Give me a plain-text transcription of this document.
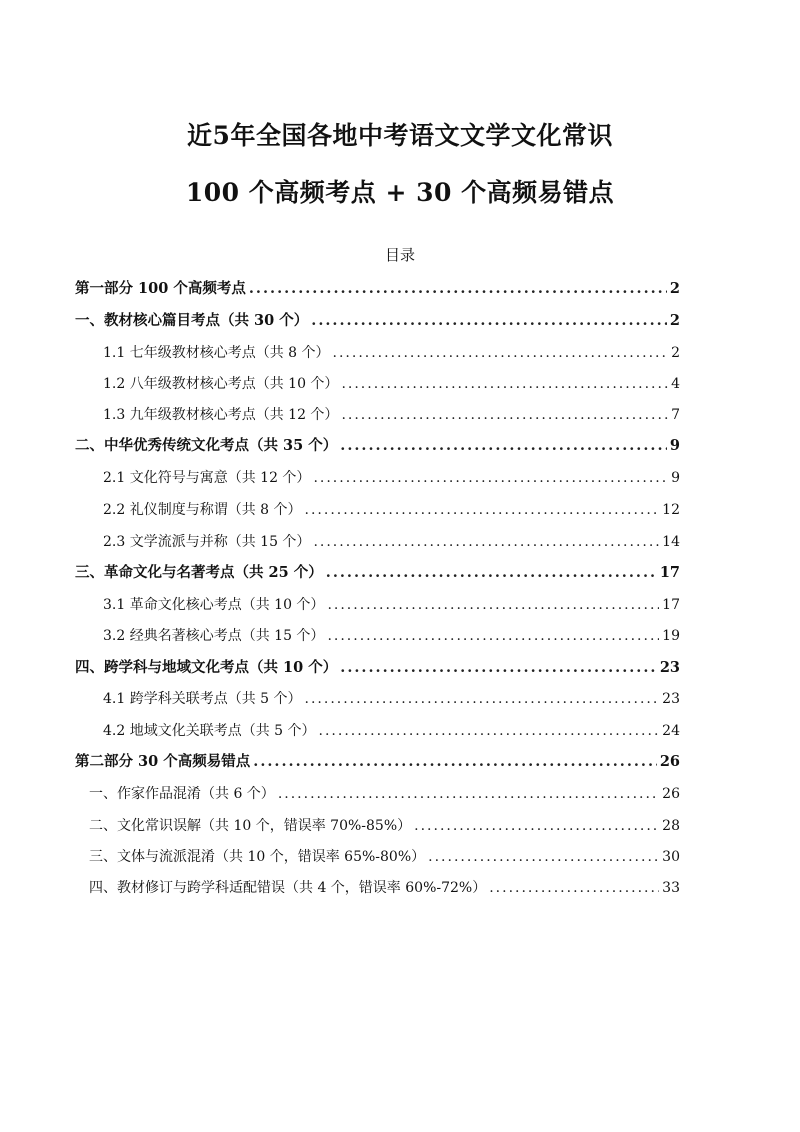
近5年全国各地中考语文文学文化常识
100 个高频考点 + 30 个高频易错点
目录
第一部分 100 个高频考点 .....	2
一、教材核心篇目考点（共 30 个） .....	2
1.1 七年级教材核心考点（共 8 个） .....	2
1.2 八年级教材核心考点（共 10 个） .....	4
1.3 九年级教材核心考点（共 12 个） .....	7
二、中华优秀传统文化考点（共 35 个） .....	9
2.1 文化符号与寓意（共 12 个） .....	9
2.2 礼仪制度与称谓（共 8 个） .....	12
2.3 文学流派与并称（共 15 个） .....	14
三、革命文化与名著考点（共 25 个） .....	17
3.1 革命文化核心考点（共 10 个） .....	17
3.2 经典名著核心考点（共 15 个） .....	19
四、跨学科与地域文化考点（共 10 个） .....	23
4.1 跨学科关联考点（共 5 个） .....	23
4.2 地域文化关联考点（共 5 个） .....	24
第二部分 30 个高频易错点 .....	26
一、作家作品混淆（共 6 个） .....	26
二、文化常识误解（共 10 个，错误率 70%-85%） .....	28
三、文体与流派混淆（共 10 个，错误率 65%-80%） .....	30
四、教材修订与跨学科适配错误（共 4 个，错误率 60%-72%） .....	33
